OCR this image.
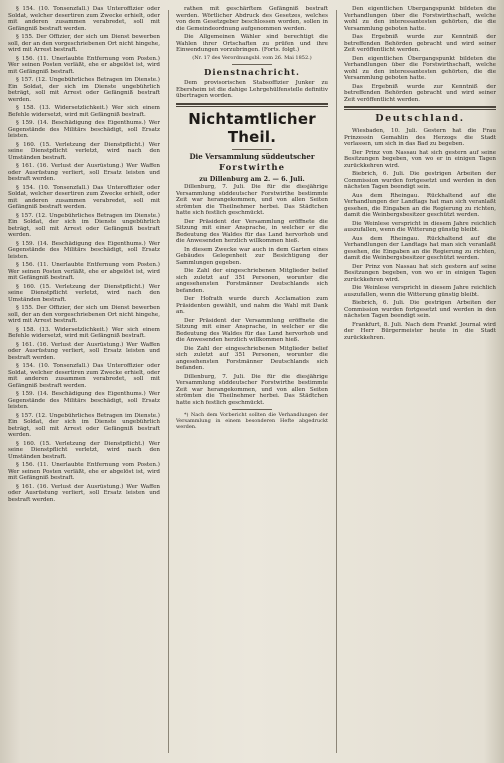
§ 154. (10. Tonsenzfall.) Das Unteroffizier oder Soldat, welcher desertiren zum Zwecke erhielt, oder mit anderen zusammen verabredet, soll mit Gefängniß bestraft werden.

§ 155. Der Offizier, der sich um Dienst bewerben soll, der an den vorgeschriebenen Ort nicht hingehe, wird mit Arrest bestraft.

§ 156. (11. Unerlaubte Entfernung vom Posten.) Wer seinen Posten verläßt, ehe er abgelöst ist, wird mit Gefängniß bestraft.

§ 157. (12. Ungebührliches Betragen im Dienste.) Ein Soldat, der sich im Dienste ungebührlich beträgt, soll mit Arrest oder Gefängniß bestraft werden.

§ 158. (13. Widersetzlichkeit.) Wer sich einem Befehle widersetzt, wird mit Gefängniß bestraft.

§ 159. (14. Beschädigung des Eigenthums.) Wer Gegenstände des Militärs beschädigt, soll Ersatz leisten.

§ 160. (15. Verletzung der Dienstpflicht.) Wer seine Dienstpflicht verletzt, wird nach den Umständen bestraft.

§ 161. (16. Verlust der Ausrüstung.) Wer Waffen oder Ausrüstung verliert, soll Ersatz leisten und bestraft werden.

§ 154. (10. Tonsenzfall.) Das Unteroffizier oder Soldat, welcher desertiren zum Zwecke erhielt, oder mit anderen zusammen verabredet, soll mit Gefängniß bestraft werden.

§ 157. (12. Ungebührliches Betragen im Dienste.) Ein Soldat, der sich im Dienste ungebührlich beträgt, soll mit Arrest oder Gefängniß bestraft werden.

§ 159. (14. Beschädigung des Eigenthums.) Wer Gegenstände des Militärs beschädigt, soll Ersatz leisten.

§ 156. (11. Unerlaubte Entfernung vom Posten.) Wer seinen Posten verläßt, ehe er abgelöst ist, wird mit Gefängniß bestraft.

§ 160. (15. Verletzung der Dienstpflicht.) Wer seine Dienstpflicht verletzt, wird nach den Umständen bestraft.

§ 155. Der Offizier, der sich um Dienst bewerben soll, der an den vorgeschriebenen Ort nicht hingehe, wird mit Arrest bestraft.

§ 158. (13. Widersetzlichkeit.) Wer sich einem Befehle widersetzt, wird mit Gefängniß bestraft.

§ 161. (16. Verlust der Ausrüstung.) Wer Waffen oder Ausrüstung verliert, soll Ersatz leisten und bestraft werden.

§ 154. (10. Tonsenzfall.) Das Unteroffizier oder Soldat, welcher desertiren zum Zwecke erhielt, oder mit anderen zusammen verabredet, soll mit Gefängniß bestraft werden.

§ 159. (14. Beschädigung des Eigenthums.) Wer Gegenstände des Militärs beschädigt, soll Ersatz leisten.

§ 157. (12. Ungebührliches Betragen im Dienste.) Ein Soldat, der sich im Dienste ungebührlich beträgt, soll mit Arrest oder Gefängniß bestraft werden.

§ 160. (15. Verletzung der Dienstpflicht.) Wer seine Dienstpflicht verletzt, wird nach den Umständen bestraft.

§ 156. (11. Unerlaubte Entfernung vom Posten.) Wer seinen Posten verläßt, ehe er abgelöst ist, wird mit Gefängniß bestraft.

§ 161. (16. Verlust der Ausrüstung.) Wer Waffen oder Ausrüstung verliert, soll Ersatz leisten und bestraft werden.

rathen mit geschärftem Gefängniß bestraft werden. Wörtlicher Abdruck des Gesetzes, welches von dem Gesetzgeber beschlossen worden, sollen in die Gemeindeordnung aufgenommen werden.

Die Allgemeinen Wähler sind berechtigt die Wahlen ihrer Ortschaften zu prüfen und ihre Einwendungen vorzubringen. (Forts. folgt.)

(Nr. 17 des Verordnungsbl. vom 26. Mai 1852.)

Dienstnachricht.

Dem provisorischen Stabsoffizier Junker zu Ebersheim ist die dahige Lehrgehülfenstelle definitiv übertragen worden.

Nichtamtlicher Theil.

Die Versammlung süddeutscher

Forstwirthe

zu Dillenburg am 2. — 6. Juli.

Dillenburg, 7. Juli. Die für die diesjährige Versammlung süddeutscher Forstwirthe bestimmte Zeit war herangekommen, und von allen Seiten strömten die Theilnehmer herbei. Das Städtchen hatte sich festlich geschmückt.

Der Präsident der Versammlung eröffnete die Sitzung mit einer Ansprache, in welcher er die Bedeutung des Waldes für das Land hervorhob und die Anwesenden herzlich willkommen hieß.

In diesem Zwecke war auch in dem Garten eines Gebäudes Gelegenheit zur Besichtigung der Sammlungen gegeben.

Die Zahl der eingeschriebenen Mitglieder belief sich zuletzt auf 351 Personen, worunter die angesehensten Forstmänner Deutschlands sich befanden.

Der Hofrath wurde durch Acclamation zum Präsidenten gewählt, und nahm die Wahl mit Dank an.

Der Präsident der Versammlung eröffnete die Sitzung mit einer Ansprache, in welcher er die Bedeutung des Waldes für das Land hervorhob und die Anwesenden herzlich willkommen hieß.

Die Zahl der eingeschriebenen Mitglieder belief sich zuletzt auf 351 Personen, worunter die angesehensten Forstmänner Deutschlands sich befanden.

Dillenburg, 7. Juli. Die für die diesjährige Versammlung süddeutscher Forstwirthe bestimmte Zeit war herangekommen, und von allen Seiten strömten die Theilnehmer herbei. Das Städtchen hatte sich festlich geschmückt.

*) Nach dem Vorbericht sollten die Verhandlungen der Versammlung in einem besonderen Hefte abgedruckt werden.

Den eigentlichen Übergangspunkt bildeten die Verhandlungen über die Forstwirthschaft, welche wohl zu den interessantesten gehörten, die die Versammlung geboten hatte.

Das Ergebniß wurde zur Kenntniß der betreffenden Behörden gebracht und wird seiner Zeit veröffentlicht werden.

Den eigentlichen Übergangspunkt bildeten die Verhandlungen über die Forstwirthschaft, welche wohl zu den interessantesten gehörten, die die Versammlung geboten hatte.

Das Ergebniß wurde zur Kenntniß der betreffenden Behörden gebracht und wird seiner Zeit veröffentlicht werden.

Deutschland.

Wiesbaden, 10. Juli. Gestern hat die Frau Prinzessin Gemahlin des Herzogs die Stadt verlassen, um sich in das Bad zu begeben.

Der Prinz von Nassau hat sich gestern auf seine Besitzungen begeben, von wo er in einigen Tagen zurückkehren wird.

Biebrich, 6. Juli. Die gestrigen Arbeiten der Commission wurden fortgesetzt und werden in den nächsten Tagen beendigt sein.

Aus dem Rheingau. Rückhaltend auf die Verhandlungen der Landtags hat man sich veranlaßt gesehen, die Eingaben an die Regierung zu richten, damit die Weinbergsbesitzer geschützt werden.

Die Weinlese verspricht in diesem Jahre reichlich auszufallen, wenn die Witterung günstig bleibt.

Aus dem Rheingau. Rückhaltend auf die Verhandlungen der Landtags hat man sich veranlaßt gesehen, die Eingaben an die Regierung zu richten, damit die Weinbergsbesitzer geschützt werden.

Der Prinz von Nassau hat sich gestern auf seine Besitzungen begeben, von wo er in einigen Tagen zurückkehren wird.

Die Weinlese verspricht in diesem Jahre reichlich auszufallen, wenn die Witterung günstig bleibt.

Biebrich, 6. Juli. Die gestrigen Arbeiten der Commission wurden fortgesetzt und werden in den nächsten Tagen beendigt sein.

Frankfurt, 8. Juli. Nach dem Frankf. Journal wird der Herr Bürgermeister heute in die Stadt zurückkehren.
